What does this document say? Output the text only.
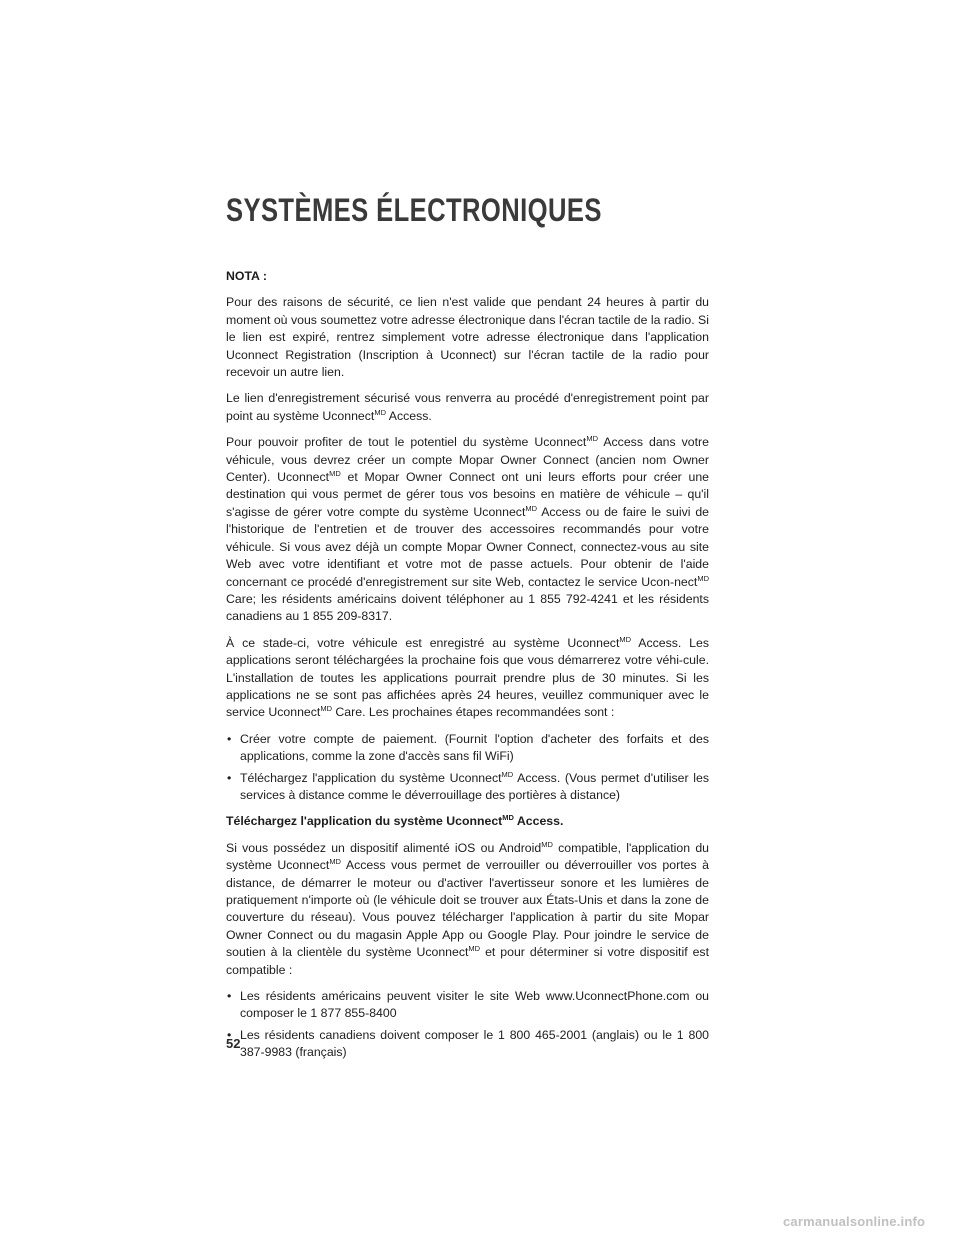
SYSTÈMES ÉLECTRONIQUES

NOTA :

Pour des raisons de sécurité, ce lien n'est valide que pendant 24 heures à partir du moment où vous soumettez votre adresse électronique dans l'écran tactile de la radio. Si le lien est expiré, rentrez simplement votre adresse électronique dans l'application Uconnect Registration (Inscription à Uconnect) sur l'écran tactile de la radio pour recevoir un autre lien.

Le lien d'enregistrement sécurisé vous renverra au procédé d'enregistrement point par point au système Uconnect$^{MD}$ Access.

Pour pouvoir profiter de tout le potentiel du système Uconnect$^{MD}$ Access dans votre véhicule, vous devrez créer un compte Mopar Owner Connect (ancien nom Owner Center). Uconnect$^{MD}$ et Mopar Owner Connect ont uni leurs efforts pour créer une destination qui vous permet de gérer tous vos besoins en matière de véhicule – qu'il s'agisse de gérer votre compte du système Uconnect$^{MD}$ Access ou de faire le suivi de l'historique de l'entretien et de trouver des accessoires recommandés pour votre véhicule. Si vous avez déjà un compte Mopar Owner Connect, connectez-vous au site Web avec votre identifiant et votre mot de passe actuels. Pour obtenir de l'aide concernant ce procédé d'enregistrement sur site Web, contactez le service Ucon-nect$^{MD}$ Care; les résidents américains doivent téléphoner au 1 855 792-4241 et les résidents canadiens au 1 855 209-8317.

À ce stade-ci, votre véhicule est enregistré au système Uconnect$^{MD}$ Access. Les applications seront téléchargées la prochaine fois que vous démarrerez votre véhi-cule. L'installation de toutes les applications pourrait prendre plus de 30 minutes. Si les applications ne se sont pas affichées après 24 heures, veuillez communiquer avec le service Uconnect$^{MD}$ Care. Les prochaines étapes recommandées sont :

• Créer votre compte de paiement. (Fournit l'option d'acheter des forfaits et des applications, comme la zone d'accès sans fil WiFi)
• Téléchargez l'application du système Uconnect$^{MD}$ Access. (Vous permet d'utiliser les services à distance comme le déverrouillage des portières à distance)

Téléchargez l'application du système Uconnect$^{MD}$ Access.

Si vous possédez un dispositif alimenté iOS ou Android$^{MD}$ compatible, l'application du système Uconnect$^{MD}$ Access vous permet de verrouiller ou déverrouiller vos portes à distance, de démarrer le moteur ou d'activer l'avertisseur sonore et les lumières de pratiquement n'importe où (le véhicule doit se trouver aux États-Unis et dans la zone de couverture du réseau). Vous pouvez télécharger l'application à partir du site Mopar Owner Connect ou du magasin Apple App ou Google Play. Pour joindre le service de soutien à la clientèle du système Uconnect$^{MD}$ et pour déterminer si votre dispositif est compatible :

• Les résidents américains peuvent visiter le site Web www.UconnectPhone.com ou composer le 1 877 855-8400
• Les résidents canadiens doivent composer le 1 800 465-2001 (anglais) ou le 1 800 387-9983 (français)
52
carmanualsonline.info
